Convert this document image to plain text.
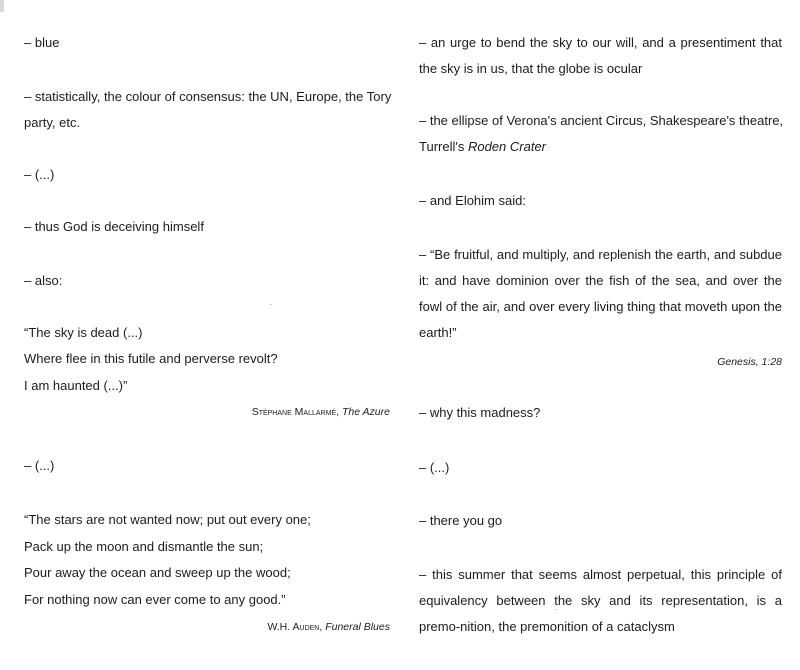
– blue

– statistically, the colour of consensus: the UN, Europe, the Tory

party, etc.

– (...)

– thus God is deceiving himself

– also:

“The sky is dead (...)

Where flee in this futile and perverse revolt?

I am haunted (...)”

Stéphane Mallarmé, The Azure

– (...)

“The stars are not wanted now; put out every one;

Pack up the moon and dismantle the sun;

Pour away the ocean and sweep up the wood;

For nothing now can ever come to any good.”

W.H. Auden, Funeral Blues

– an urge to bend the sky to our will, and a presentiment that the sky is in us, that the globe is ocular

– the ellipse of Verona's ancient Circus, Shakespeare's theatre,

Turrell's Roden Crater

– and Elohim said:

– “Be fruitful, and multiply, and replenish the earth, and subdue it: and have dominion over the fish of the sea, and over the fowl of the air, and over every living thing that moveth upon the earth!”

Genesis, 1:28

– why this madness?

– (...)

– there you go

– this summer that seems almost perpetual, this principle of equivalency between the sky and its representation, is a premo-nition, the premonition of a cataclysm
